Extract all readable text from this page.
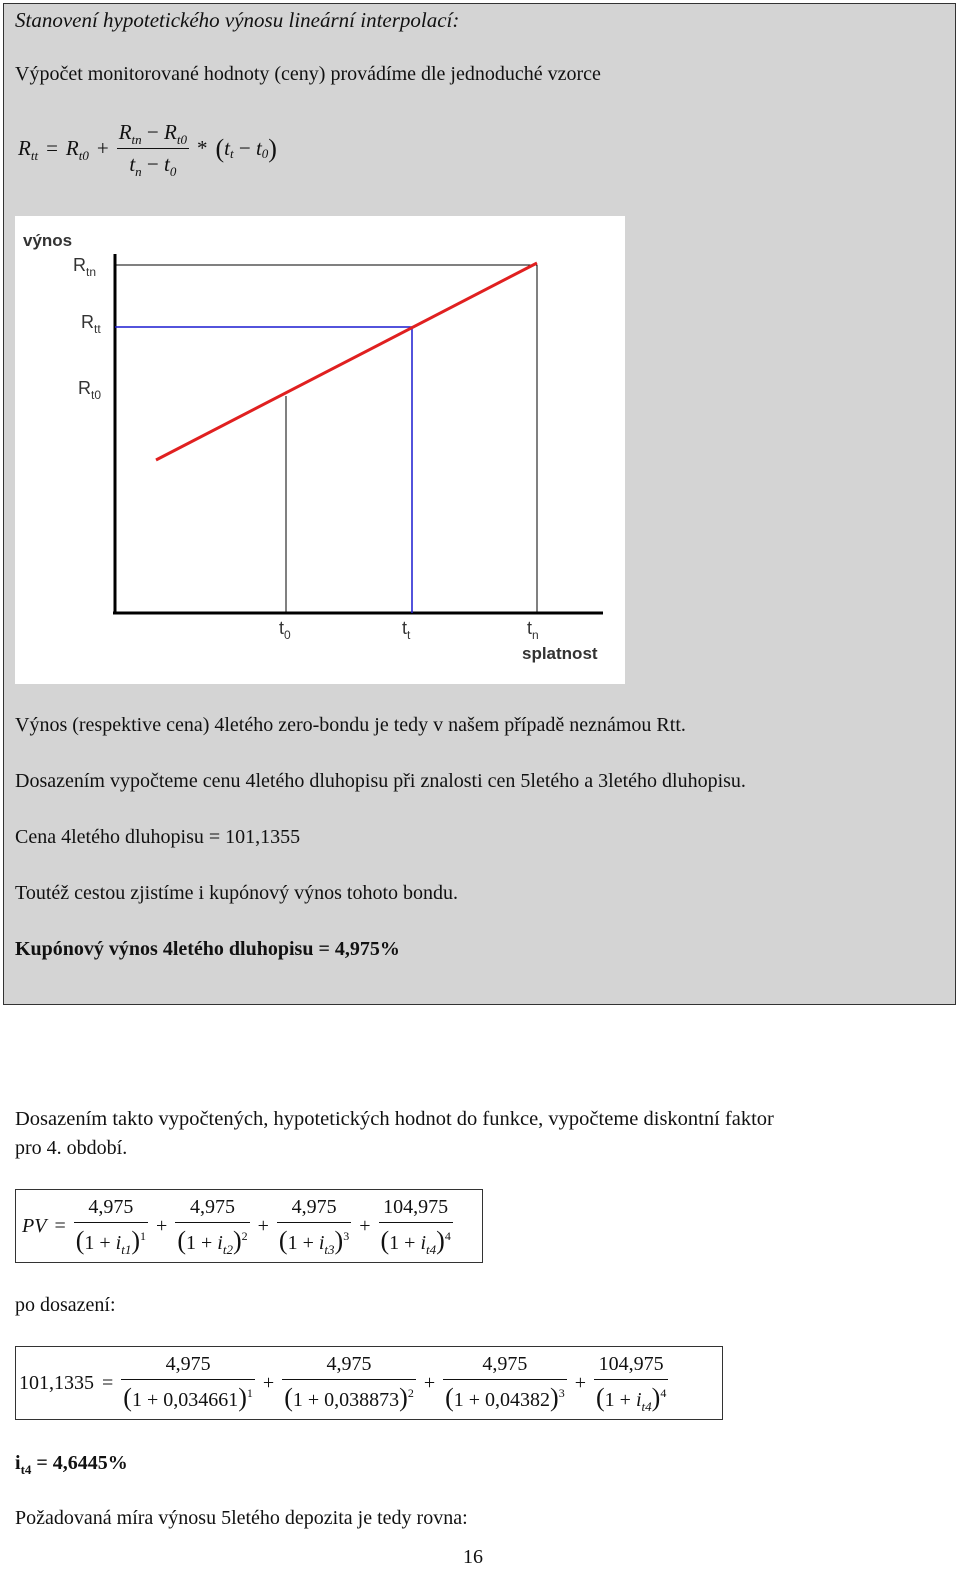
Stanovení hypotetického výnosu lineární interpolací:
Výpočet monitorované hodnoty (ceny) provádíme dle jednoduché vzorce
$R_{tt} = R_{t0} + \frac{R_{tn} - R_{t0}}{t_n - t_0}$ * ( t t − t 0 )
výnos
$R_{tn}$
$R_{tt}$
$R_{t0}$
$t_0$	$t_t$	$t_n$
splatnost
Výnos (respektive cena) 4letého zero-bondu je tedy v našem případě neznámou Rtt.
Dosazením vypočteme cenu 4letého dluhopisu při znalosti cen 5letého a 3letého dluhopisu.
Cena 4letého dluhopisu = 101,1355
Toutéž cestou zjistíme i kupónový výnos tohoto bondu.
Kupónový výnos 4letého dluhopisu = 4,975%
Dosazením takto vypočtených, hypotetických hodnot do funkce, vypočteme diskontní faktor
pro 4. období.
PV = $\frac{4,975}{(1 + i_{t1})^1} + \frac{4,975}{(1 + i_{t2})^2} + \frac{4,975}{(1 + i_{t3})^3} + \frac{104,975}{(1 + i_{t4})^4}$
po dosazení:
$101,1335 = \frac{4,975}{(1 + 0,034661)^1} + \frac{4,975}{(1 + 0,038873)^2} + \frac{4,975}{(1 + 0,04382)^3} + \frac{104,975}{(1 + i_{t4})^4}$
$i_{t4} = 4,6445\%$
Požadovaná míra výnosu 5letého depozita je tedy rovna:
16
